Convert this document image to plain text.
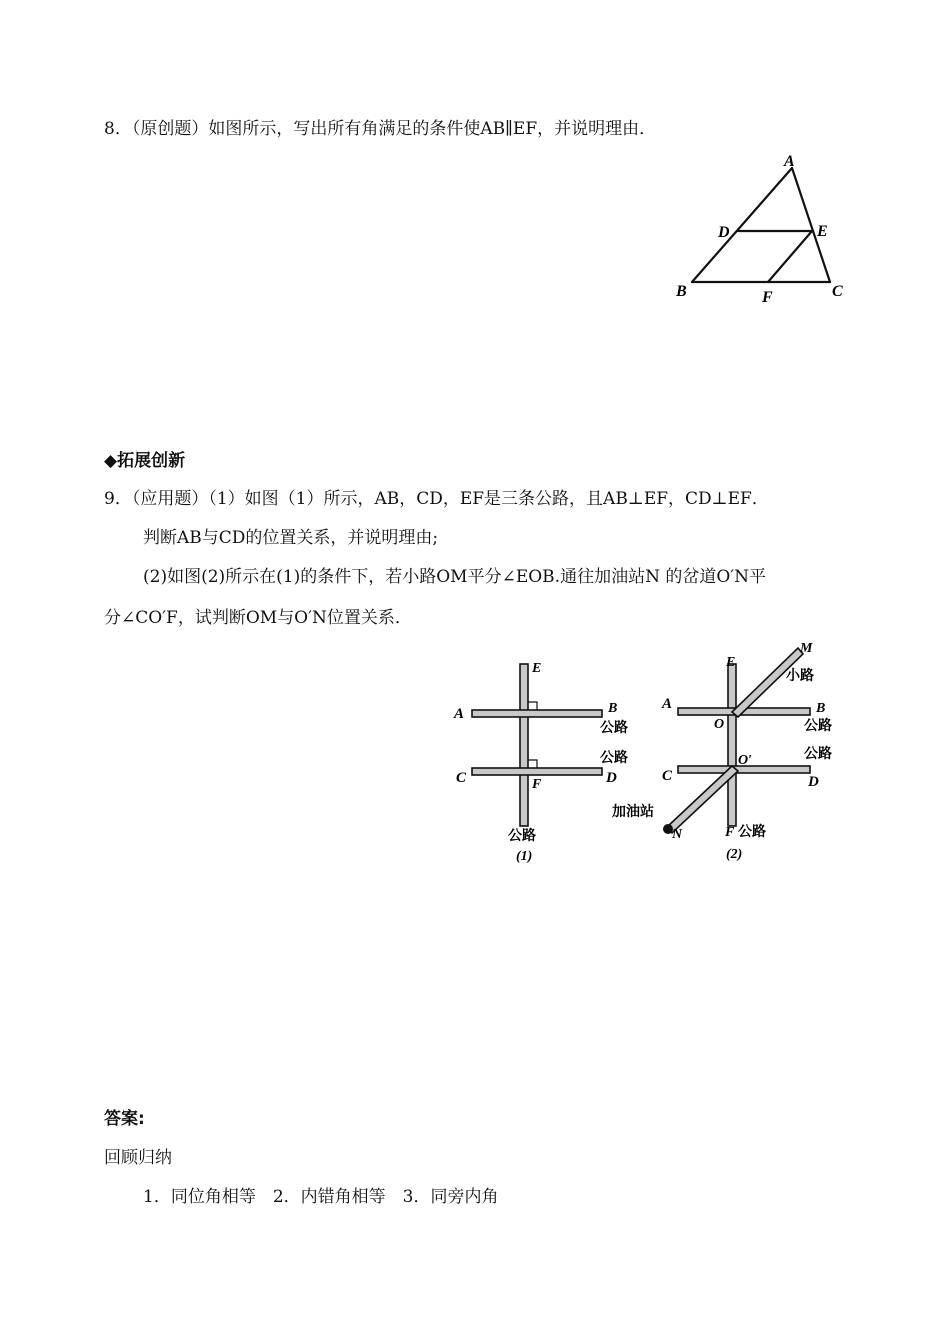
8．（原创题）如图所示，写出所有角满足的条件使AB∥EF，并说明理由．
A
B	C
D	E
F
◆拓展创新
9．（应用题）（1）如图（1）所示，AB，CD，EF是三条公路，且AB⊥EF，CD⊥EF．
判断AB与CD的位置关系，并说明理由;
(2)如图(2)所示在(1)的条件下，若小路OM平分∠EOB.通往加油站N 的岔道O′N平
分∠CO′F，试判断OM与O′N位置关系．
E
A	B
公路
公路
C	D
F
公路
(1)
M
小路
E
A	B
公路
O
O′	公路
C	D
加油站
N	F 公路
(2)
答案:
回顾归纳
1．同位角相等　2．内错角相等　3．同旁内角
